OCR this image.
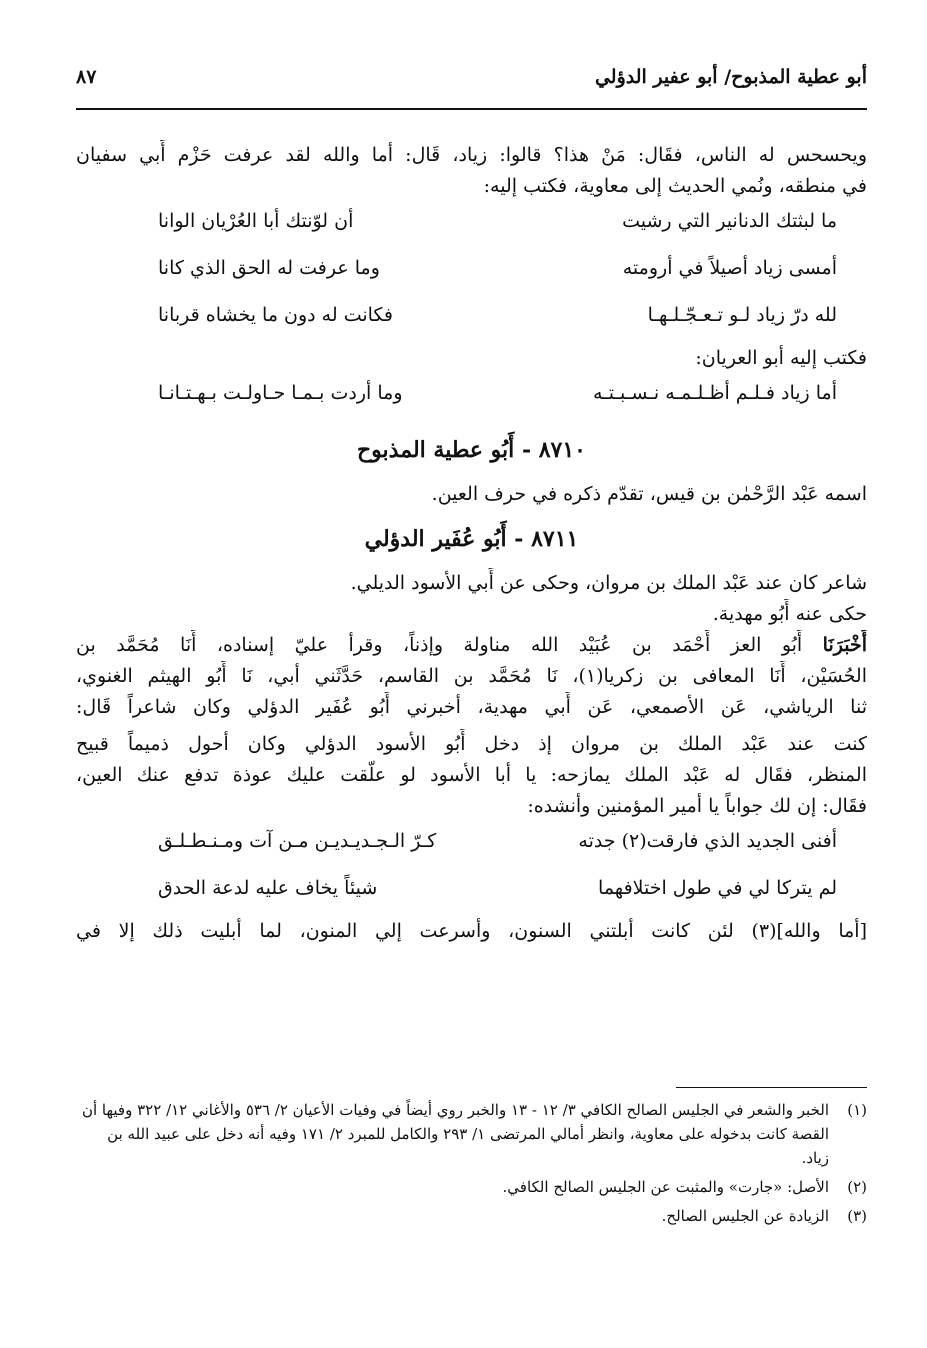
أبو عطية المذبوح/ أبو عفير الدؤلي
٨٧
ويحسحس له الناس، فقَال: مَنْ هذا؟ قالوا: زياد، قَال: أما والله لقد عرفت حَزْم أَبي سفيان
في منطقه، ونُمي الحديث إلى معاوية، فكتب إليه:
ما لبثتك الدنانير التي رشيت
أن لوّنتك أبا العُرْيان الوانا
أمسى زياد أصيلاً في أرومته
وما عرفت له الحق الذي كانا
لله درّ زياد لـو تـعـجّـلـهـا
فكانت له دون ما يخشاه قربانا
فكتب إليه أبو العريان:
أما زياد فـلـم أظـلـمـه نـسـبـتـه
وما أردت بـمـا حـاولـت بـهـتـانـا
٨٧١٠ - أَبُو عطية المذبوح
اسمه عَبْد الرَّحْمٰن بن قيس، تقدّم ذكره في حرف العين.
٨٧١١ - أَبُو عُفَير الدؤلي
شاعر كان عند عَبْد الملك بن مروان، وحكى عن أَبي الأسود الديلي.
حكى عنه أَبُو مهدية.
أَخْبَرَنَا أَبُو العز أَحْمَد بن عُبَيْد الله مناولة وإذناً، وقرأ عليّ إسناده، أَنَا مُحَمَّد بن
الحُسَيْن، أَنَا المعافى بن زكريا(١)، نَا مُحَمَّد بن القاسم، حَدَّثَني أبي، نَا أَبُو الهيثم الغنوي،
ثنا الرياشي، عَن الأصمعي، عَن أَبي مهدية، أخبرني أَبُو عُفَير الدؤلي وكان شاعراً قَال:
كنت عند عَبْد الملك بن مروان إذ دخل أَبُو الأسود الدؤلي وكان أحول ذميماً قبيح
المنظر، فقَال له عَبْد الملك يمازحه: يا أبا الأسود لو علّقت عليك عوذة تدفع عنك العين،
فقَال: إن لك جواباً يا أمير المؤمنين وأنشده:
أفنى الجديد الذي فارقت(٢) جدته
كـرّ الـجـديـديـن مـن آت ومـنـطـلـق
لم يتركا لي في طول اختلافهما
شيئاً يخاف عليه لدعة الحدق
[أما والله](٣) لئن كانت أبلتني السنون، وأسرعت إلي المنون، لما أبليت ذلك إلا في
(١)
الخبر والشعر في الجليس الصالح الكافي ٣/ ١٢ - ١٣ والخبر روي أيضاً في وفيات الأعيان ٢/ ٥٣٦ والأغاني ١٢/ ٣٢٢ وفيها أن القصة كانت بدخوله على معاوية، وانظر أمالي المرتضى ١/ ٢٩٣ والكامل للمبرد ٢/ ١٧١ وفيه أنه دخل على عبيد الله بن زياد.
(٢)
الأصل: «جارت» والمثبت عن الجليس الصالح الكافي.
(٣)
الزيادة عن الجليس الصالح.
